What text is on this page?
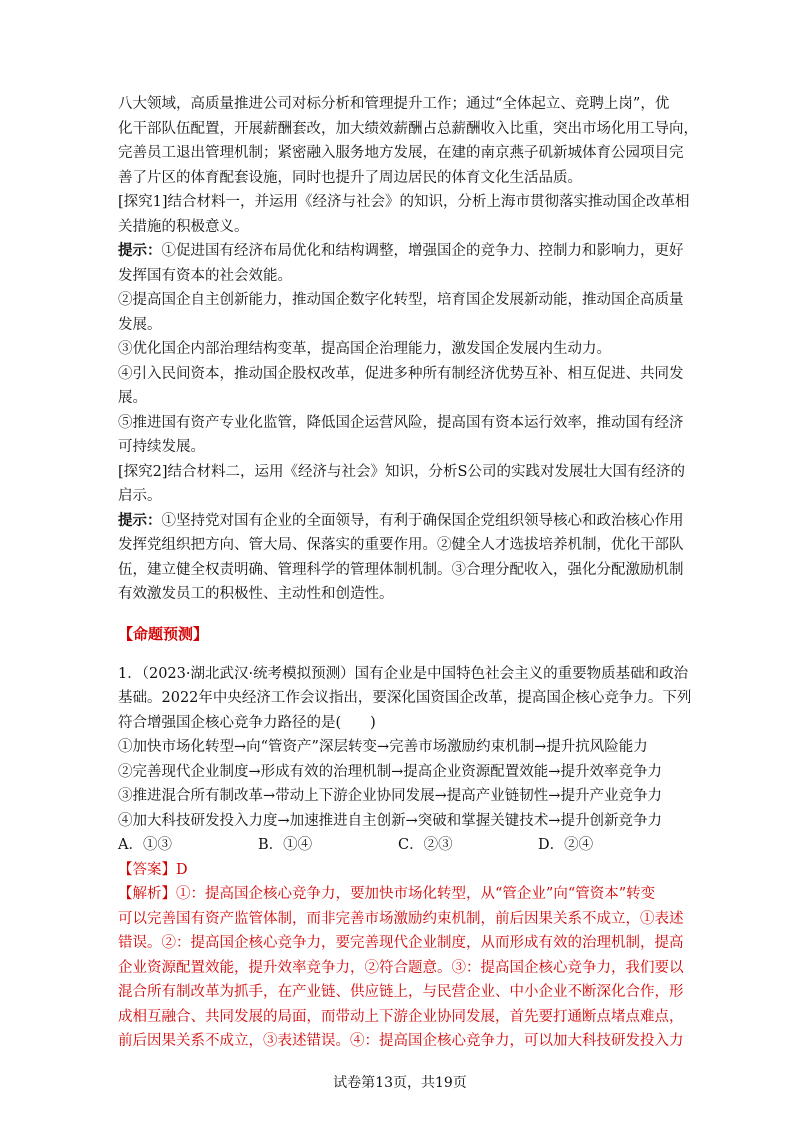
八大领域，高质量推进公司对标分析和管理提升工作；通过“全体起立、竞聘上岗”，优

化干部队伍配置，开展薪酬套改，加大绩效薪酬占总薪酬收入比重，突出市场化用工导向，

完善员工退出管理机制；紧密融入服务地方发展，在建的南京燕子矶新城体育公园项目完

善了片区的体育配套设施，同时也提升了周边居民的体育文化生活品质。

[探究1]结合材料一，并运用《经济与社会》的知识，分析上海市贯彻落实推动国企改革相

关措施的积极意义。

提示：①促进国有经济布局优化和结构调整，增强国企的竞争力、控制力和影响力，更好

发挥国有资本的社会效能。

②提高国企自主创新能力，推动国企数字化转型，培育国企发展新动能，推动国企高质量

发展。

③优化国企内部治理结构变革，提高国企治理能力，激发国企发展内生动力。

④引入民间资本，推动国企股权改革，促进多种所有制经济优势互补、相互促进、共同发

展。

⑤推进国有资产专业化监管，降低国企运营风险，提高国有资本运行效率，推动国有经济

可持续发展。

[探究2]结合材料二，运用《经济与社会》知识，分析S公司的实践对发展壮大国有经济的

启示。

提示：①坚持党对国有企业的全面领导，有利于确保国企党组织领导核心和政治核心作用

发挥党组织把方向、管大局、保落实的重要作用。②健全人才选拔培养机制，优化干部队

伍，建立健全权责明确、管理科学的管理体制机制。③合理分配收入，强化分配激励机制

有效激发员工的积极性、主动性和创造性。

【命题预测】

1．（2023·湖北武汉·统考模拟预测）国有企业是中国特色社会主义的重要物质基础和政治

基础。2022年中央经济工作会议指出，要深化国资国企改革，提高国企核心竞争力。下列

符合增强国企核心竞争力路径的是(　　)

①加快市场化转型→向“管资产”深层转变→完善市场激励约束机制→提升抗风险能力

②完善现代企业制度→形成有效的治理机制→提高企业资源配置效能→提升效率竞争力

③推进混合所有制改革→带动上下游企业协同发展→提高产业链韧性→提升产业竞争力

④加大科技研发投入力度→加速推进自主创新→突破和掌握关键技术→提升创新竞争力

A．①③	B．①④	C．②③	D．②④

【答案】D

【解析】①：提高国企核心竞争力，要加快市场化转型，从“管企业”向“管资本”转变

可以完善国有资产监管体制，而非完善市场激励约束机制，前后因果关系不成立，①表述

错误。②：提高国企核心竞争力，要完善现代企业制度，从而形成有效的治理机制，提高

企业资源配置效能，提升效率竞争力，②符合题意。③：提高国企核心竞争力，我们要以

混合所有制改革为抓手，在产业链、供应链上，与民营企业、中小企业不断深化合作，形

成相互融合、共同发展的局面，而带动上下游企业协同发展，首先要打通断点堵点难点，

前后因果关系不成立，③表述错误。④：提高国企核心竞争力，可以加大科技研发投入力

试卷第13页，共19页
